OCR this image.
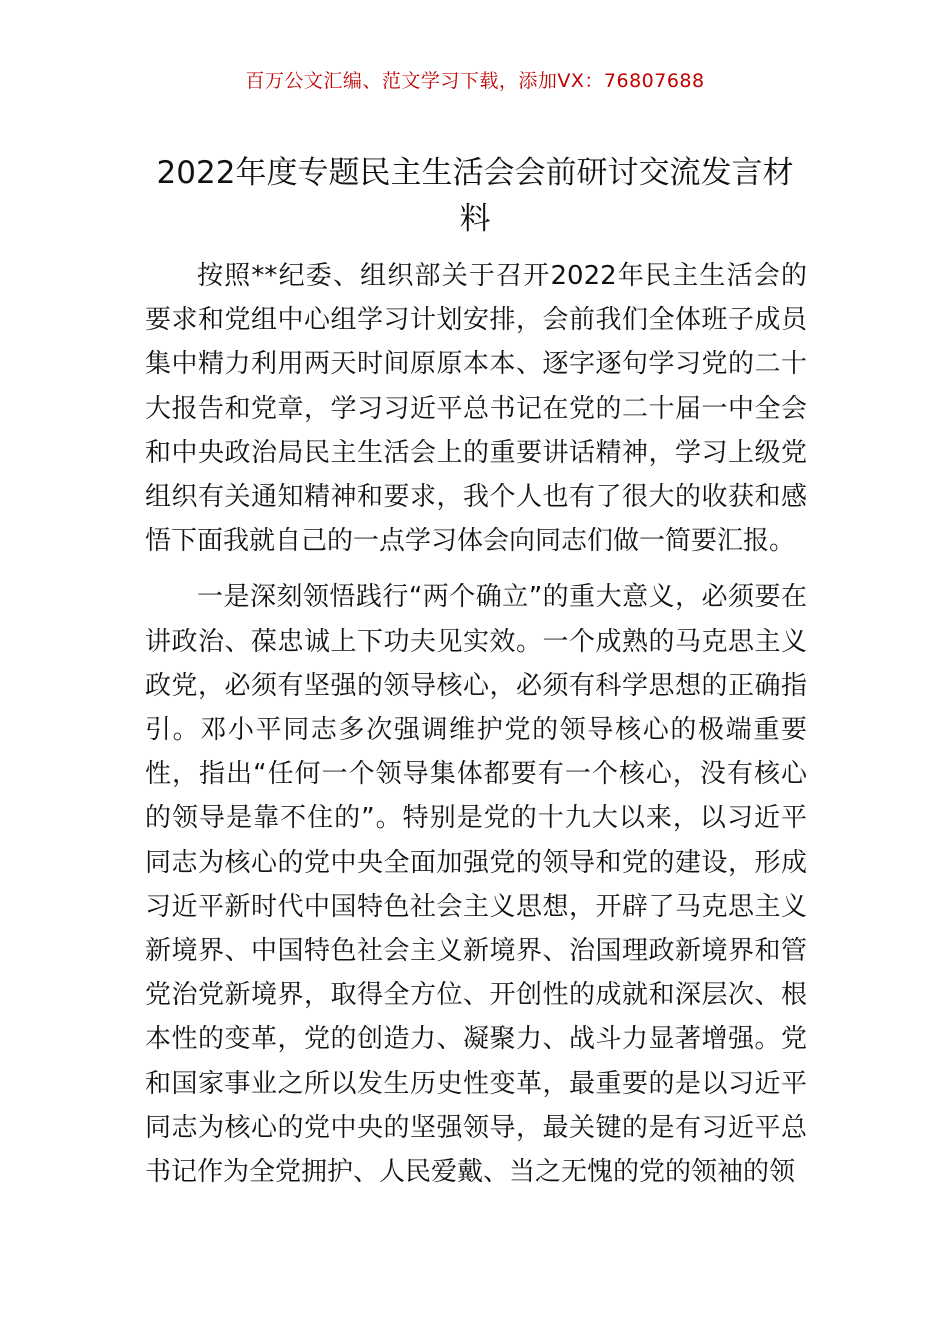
百万公文汇编、范文学习下载，添加VX：76807688
2022年度专题民主生活会会前研讨交流发言材料

按照**纪委、组织部关于召开2022年民主生活会的要求和党组中心组学习计划安排，会前我们全体班子成员集中精力利用两天时间原原本本、逐字逐句学习党的二十大报告和党章，学习习近平总书记在党的二十届一中全会和中央政治局民主生活会上的重要讲话精神，学习上级党组织有关通知精神和要求，我个人也有了很大的收获和感悟下面我就自己的一点学习体会向同志们做一简要汇报。

一是深刻领悟践行“两个确立”的重大意义，必须要在讲政治、葆忠诚上下功夫见实效。一个成熟的马克思主义政党，必须有坚强的领导核心，必须有科学思想的正确指引。邓小平同志多次强调维护党的领导核心的极端重要性，指出“任何一个领导集体都要有一个核心，没有核心的领导是靠不住的”。特别是党的十九大以来，以习近平同志为核心的党中央全面加强党的领导和党的建设，形成习近平新时代中国特色社会主义思想，开辟了马克思主义新境界、中国特色社会主义新境界、治国理政新境界和管党治党新境界，取得全方位、开创性的成就和深层次、根本性的变革，党的创造力、凝聚力、战斗力显著增强。党和国家事业之所以发生历史性变革，最重要的是以习近平同志为核心的党中央的坚强领导，最关键的是有习近平总书记作为全党拥护、人民爱戴、当之无愧的党的领袖的领
